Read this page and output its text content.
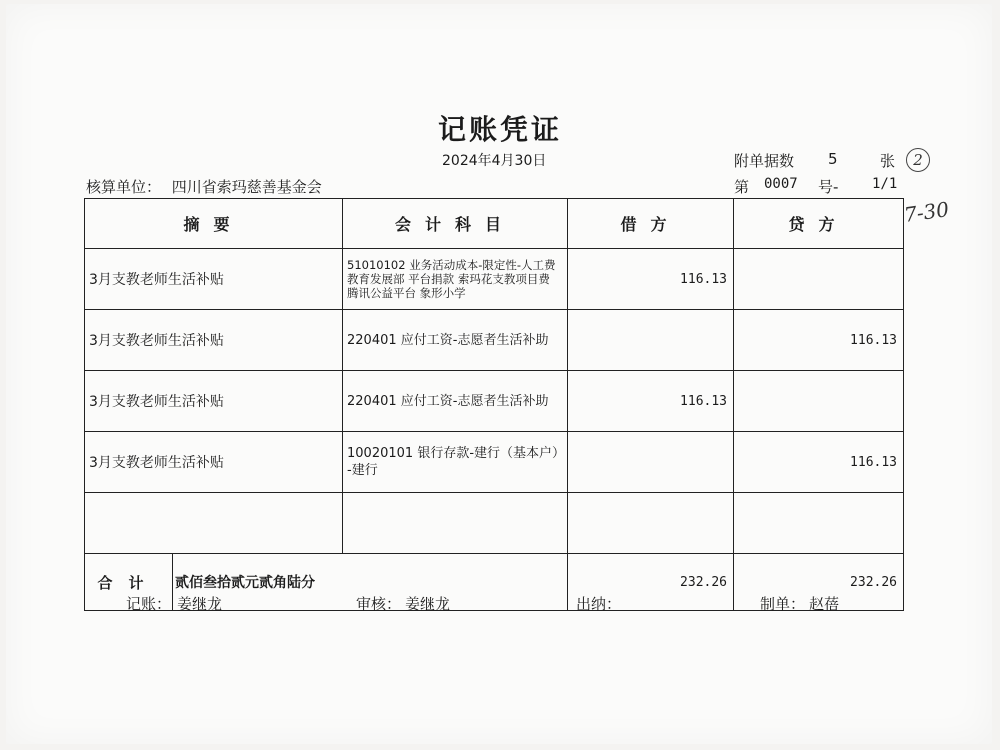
记账凭证
2024年4月30日
核算单位： 四川省索玛慈善基金会
附单据数 5	张
第 0007 号- 1/1
2
7-30
摘要		会计科目	借方	贷方
3月支教老师生活补贴		51010102 业务活动成本-限定性-人工费 教育发展部 平台捐款 索玛花支教项目费 腾讯公益平台 象形小学	116.13	
3月支教老师生活补贴		220401 应付工资-志愿者生活补助		116.13
3月支教老师生活补贴		220401 应付工资-志愿者生活补助	116.13	
3月支教老师生活补贴		10020101 银行存款-建行（基本户）-建行		116.13

合计	贰佰叁拾贰元贰角陆分		232.26	232.26
记账： 姜继龙	审核： 姜继龙	出纳：	制单： 赵蓓
